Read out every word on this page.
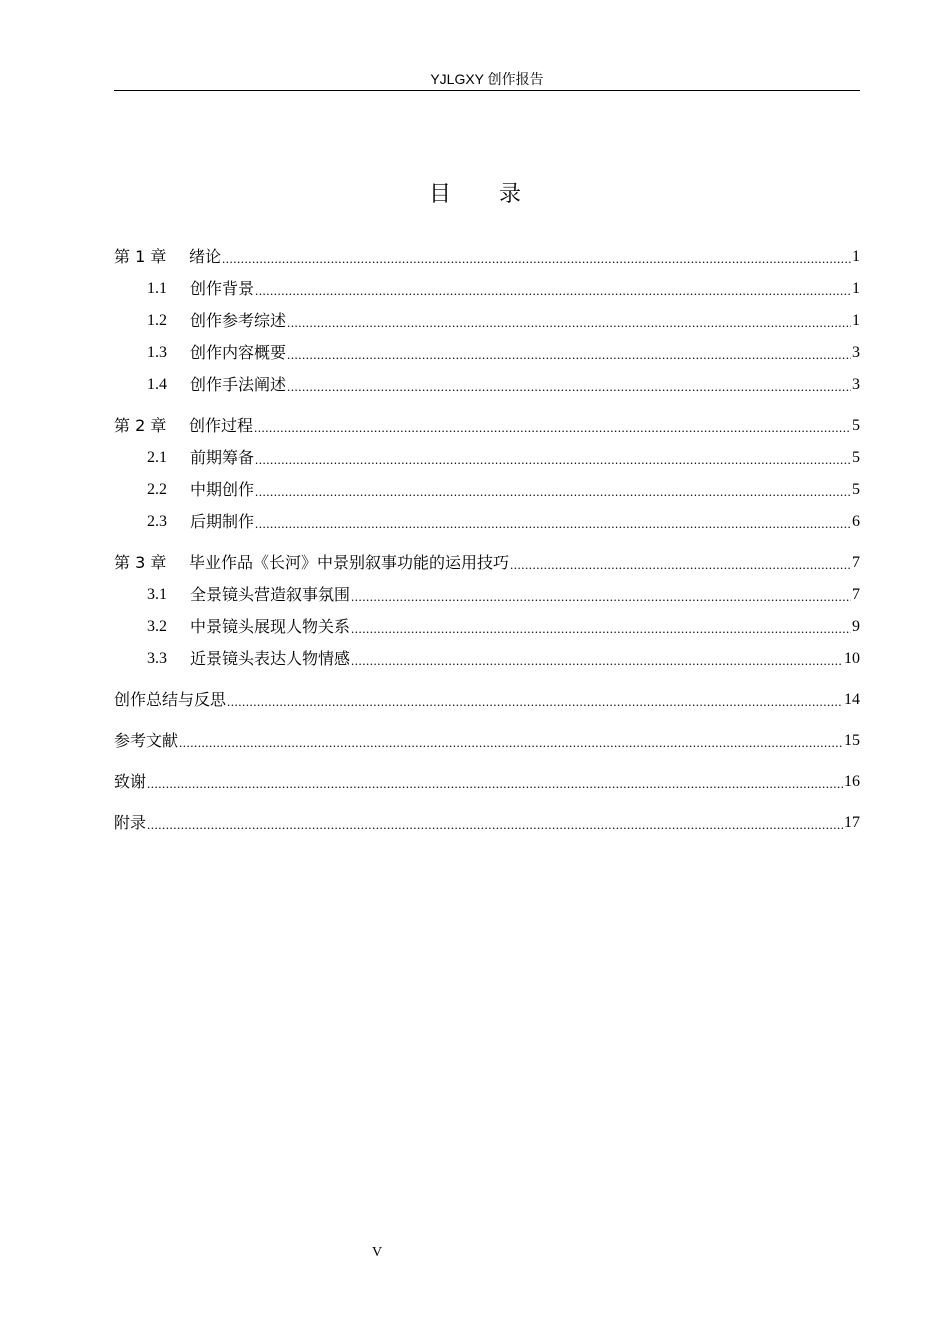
YJLGXY 创作报告
目 录
第 1 章	绪论 .....	1
1.1	创作背景 .....	1
1.2	创作参考综述 .....	1
1.3	创作内容概要 .....	3
1.4	创作手法阐述 .....	3
第 2 章	创作过程 .....	5
2.1	前期筹备 .....	5
2.2	中期创作 .....	5
2.3	后期制作 .....	6
第 3 章	毕业作品《长河》中景别叙事功能的运用技巧 .....	7
3.1	全景镜头营造叙事氛围 .....	7
3.2	中景镜头展现人物关系 .....	9
3.3	近景镜头表达人物情感 .....	10
创作总结与反思 .....	14
参考文献 .....	15
致谢 .....	16
附录 .....	17
V
